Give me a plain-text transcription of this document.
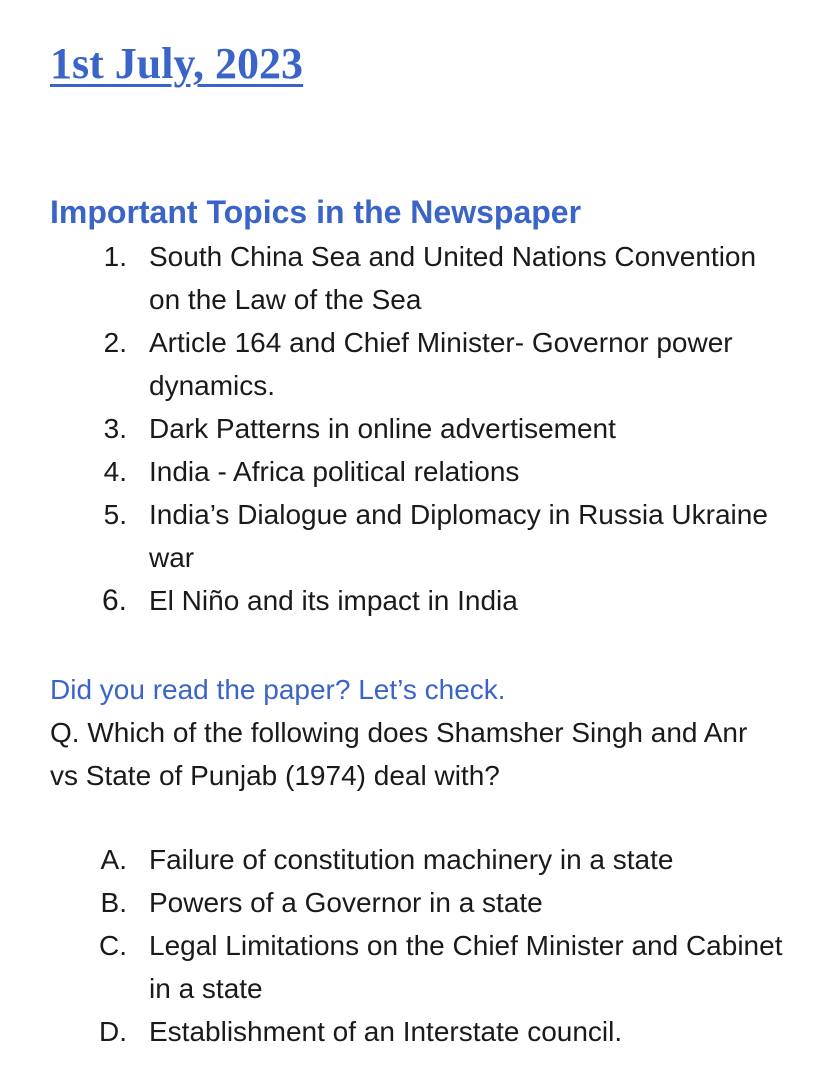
1st July, 2023
Important Topics in the Newspaper
1. South China Sea and United Nations Convention on the Law of the Sea
2. Article 164 and Chief Minister- Governor power dynamics.
3. Dark Patterns in online advertisement
4. India - Africa political relations
5. India’s Dialogue and Diplomacy in Russia Ukraine war
6. El Niño and its impact in India

Did you read the paper? Let’s check.

Q. Which of the following does Shamsher Singh and Anr vs State of Punjab (1974) deal with?

A. Failure of constitution machinery in a state
B. Powers of a Governor in a state
C. Legal Limitations on the Chief Minister and Cabinet in a state
D. Establishment of an Interstate council.
